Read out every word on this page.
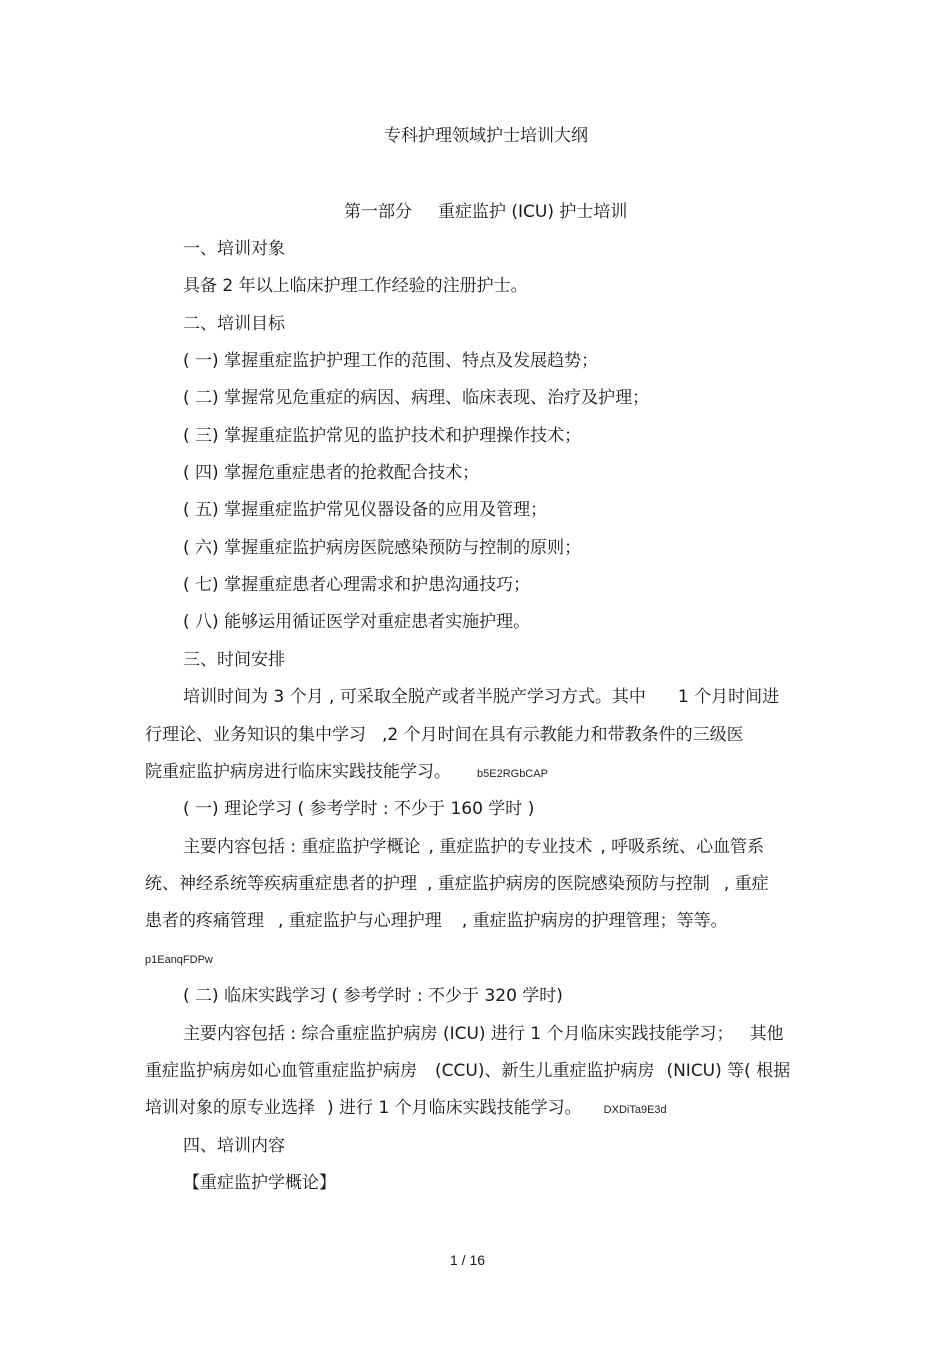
专科护理领域护士培训大纲
第一部分 重症监护 (ICU) 护士培训
一、培训对象
具备 2 年以上临床护理工作经验的注册护士。
二、培训目标
( 一) 掌握重症监护护理工作的范围、特点及发展趋势；
( 二) 掌握常见危重症的病因、病理、临床表现、治疗及护理；
( 三) 掌握重症监护常见的监护技术和护理操作技术；
( 四) 掌握危重症患者的抢救配合技术；
( 五) 掌握重症监护常见仪器设备的应用及管理；
( 六) 掌握重症监护病房医院感染预防与控制的原则；
( 七) 掌握重症患者心理需求和护患沟通技巧；
( 八) 能够运用循证医学对重症患者实施护理。
三、时间安排
培训时间为 3 个月 , 可采取全脱产或者半脱产学习方式。其中 1 个月时间进
行理论、业务知识的集中学习 ,2 个月时间在具有示教能力和带教条件的三级医
院重症监护病房进行临床实践技能学习。 b5E2RGbCAP
( 一) 理论学习 ( 参考学时 : 不少于 160 学时 )
主要内容包括 : 重症监护学概论 , 重症监护的专业技术 , 呼吸系统、心血管系
统、神经系统等疾病重症患者的护理 , 重症监护病房的医院感染预防与控制 , 重症
患者的疼痛管理 , 重症监护与心理护理 , 重症监护病房的护理管理；等等。
p1EanqFDPw
( 二) 临床实践学习 ( 参考学时 : 不少于 320 学时)
主要内容包括 : 综合重症监护病房 (ICU) 进行 1 个月临床实践技能学习； 其他
重症监护病房如心血管重症监护病房 (CCU)、新生儿重症监护病房 (NICU) 等( 根据
培训对象的原专业选择 ) 进行 1 个月临床实践技能学习。 DXDiTa9E3d
四、培训内容
【重症监护学概论】
1 / 16
